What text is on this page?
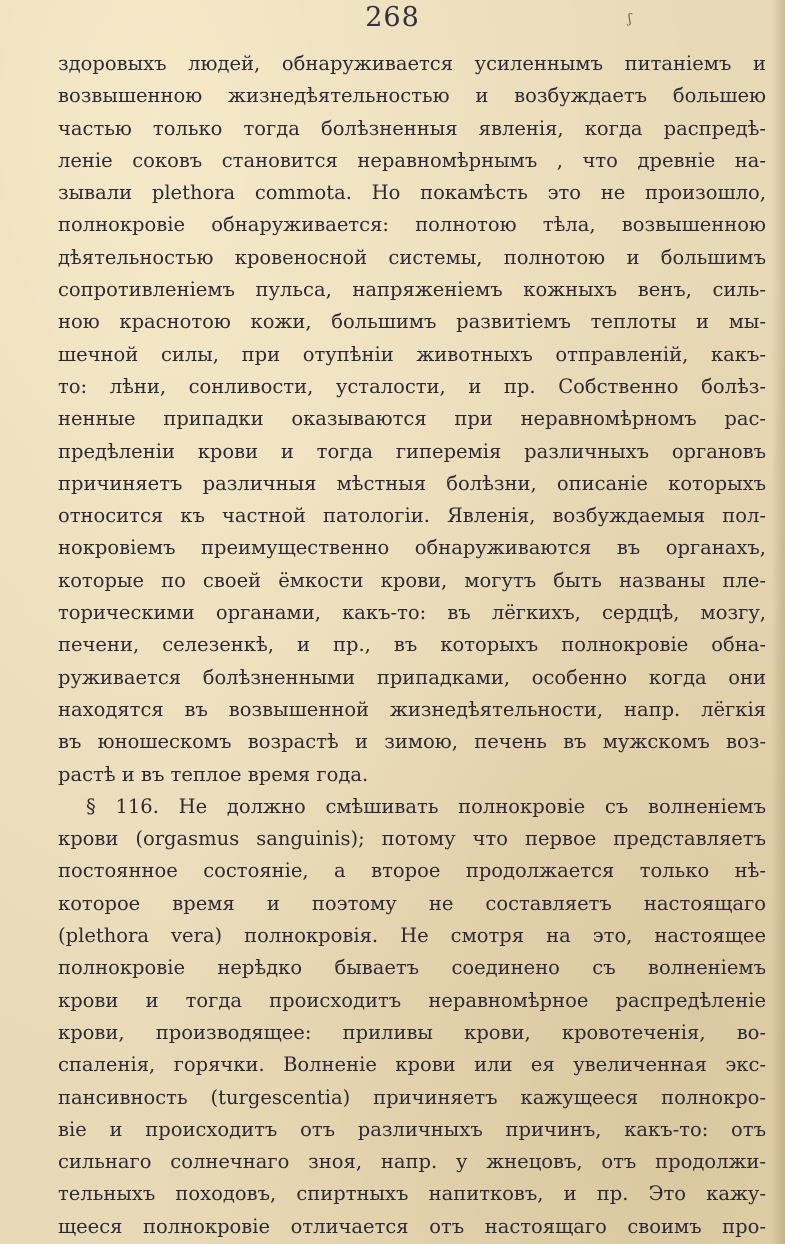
268	ʃ
здоровыхъ людей, обнаруживается усиленнымъ питанiемъ и
возвышенною жизнедѣятельностью и возбуждаетъ большею
частью только тогда болѣзненныя явленiя, когда распредѣ-
ленiе соковъ становится неравномѣрнымъ , что древнiе на-
зывали plethora commota. Но покамѣсть это не произошло,
полнокровiе обнаруживается: полнотою тѣла, возвышенною
дѣятельностью кровеносной системы, полнотою и большимъ
сопротивленiемъ пульса, напряженiемъ кожныхъ венъ, силь-
ною краснотою кожи, большимъ развитiемъ теплоты и мы-
шечной силы, при отупѣнiи животныхъ отправленiй, какъ-
то: лѣни, сонливости, усталости, и пр. Собственно болѣз-
ненные припадки оказываются при неравномѣрномъ рас-
предѣленiи крови и тогда гиперемiя различныхъ органовъ
причиняетъ различныя мѣстныя болѣзни, описанiе которыхъ
относится къ частной патологiи. Явленiя, возбуждаемыя пол-
нокровiемъ преимущественно обнаруживаются въ органахъ,
которые по своей ёмкости крови, могутъ быть названы пле-
торическими органами, какъ-то: въ лёгкихъ, сердцѣ, мозгу,
печени, селезенкѣ, и пр., въ которыхъ полнокровiе обна-
руживается болѣзненными припадками, особенно когда они
находятся въ возвышенной жизнедѣятельности, напр. лёгкiя
въ юношескомъ возрастѣ и зимою, печень въ мужскомъ воз-
растѣ и въ теплое время года.
§ 116. Не должно смѣшивать полнокровiе съ волненiемъ
крови (orgasmus sanguinis); потому что первое представляетъ
постоянное состоянiе, а второе продолжается только нѣ-
которое время и поэтому не составляетъ настоящаго
(plethora vera) полнокровiя. Не смотря на это, настоящее
полнокровiе нерѣдко бываетъ соединено съ волненiемъ
крови и тогда происходитъ неравномѣрное распредѣленiе
крови, производящее: приливы крови, кровотеченiя, во-
спаленiя, горячки. Волненiе крови или ея увеличенная экс-
пансивность (turgescentia) причиняетъ кажущееся полнокро-
вiе и происходитъ отъ различныхъ причинъ, какъ-то: отъ
сильнаго солнечнаго зноя, напр. у жнецовъ, отъ продолжи-
тельныхъ походовъ, спиртныхъ напитковъ, и пр. Это кажу-
щееся полнокровiе отличается отъ настоящаго своимъ про-
